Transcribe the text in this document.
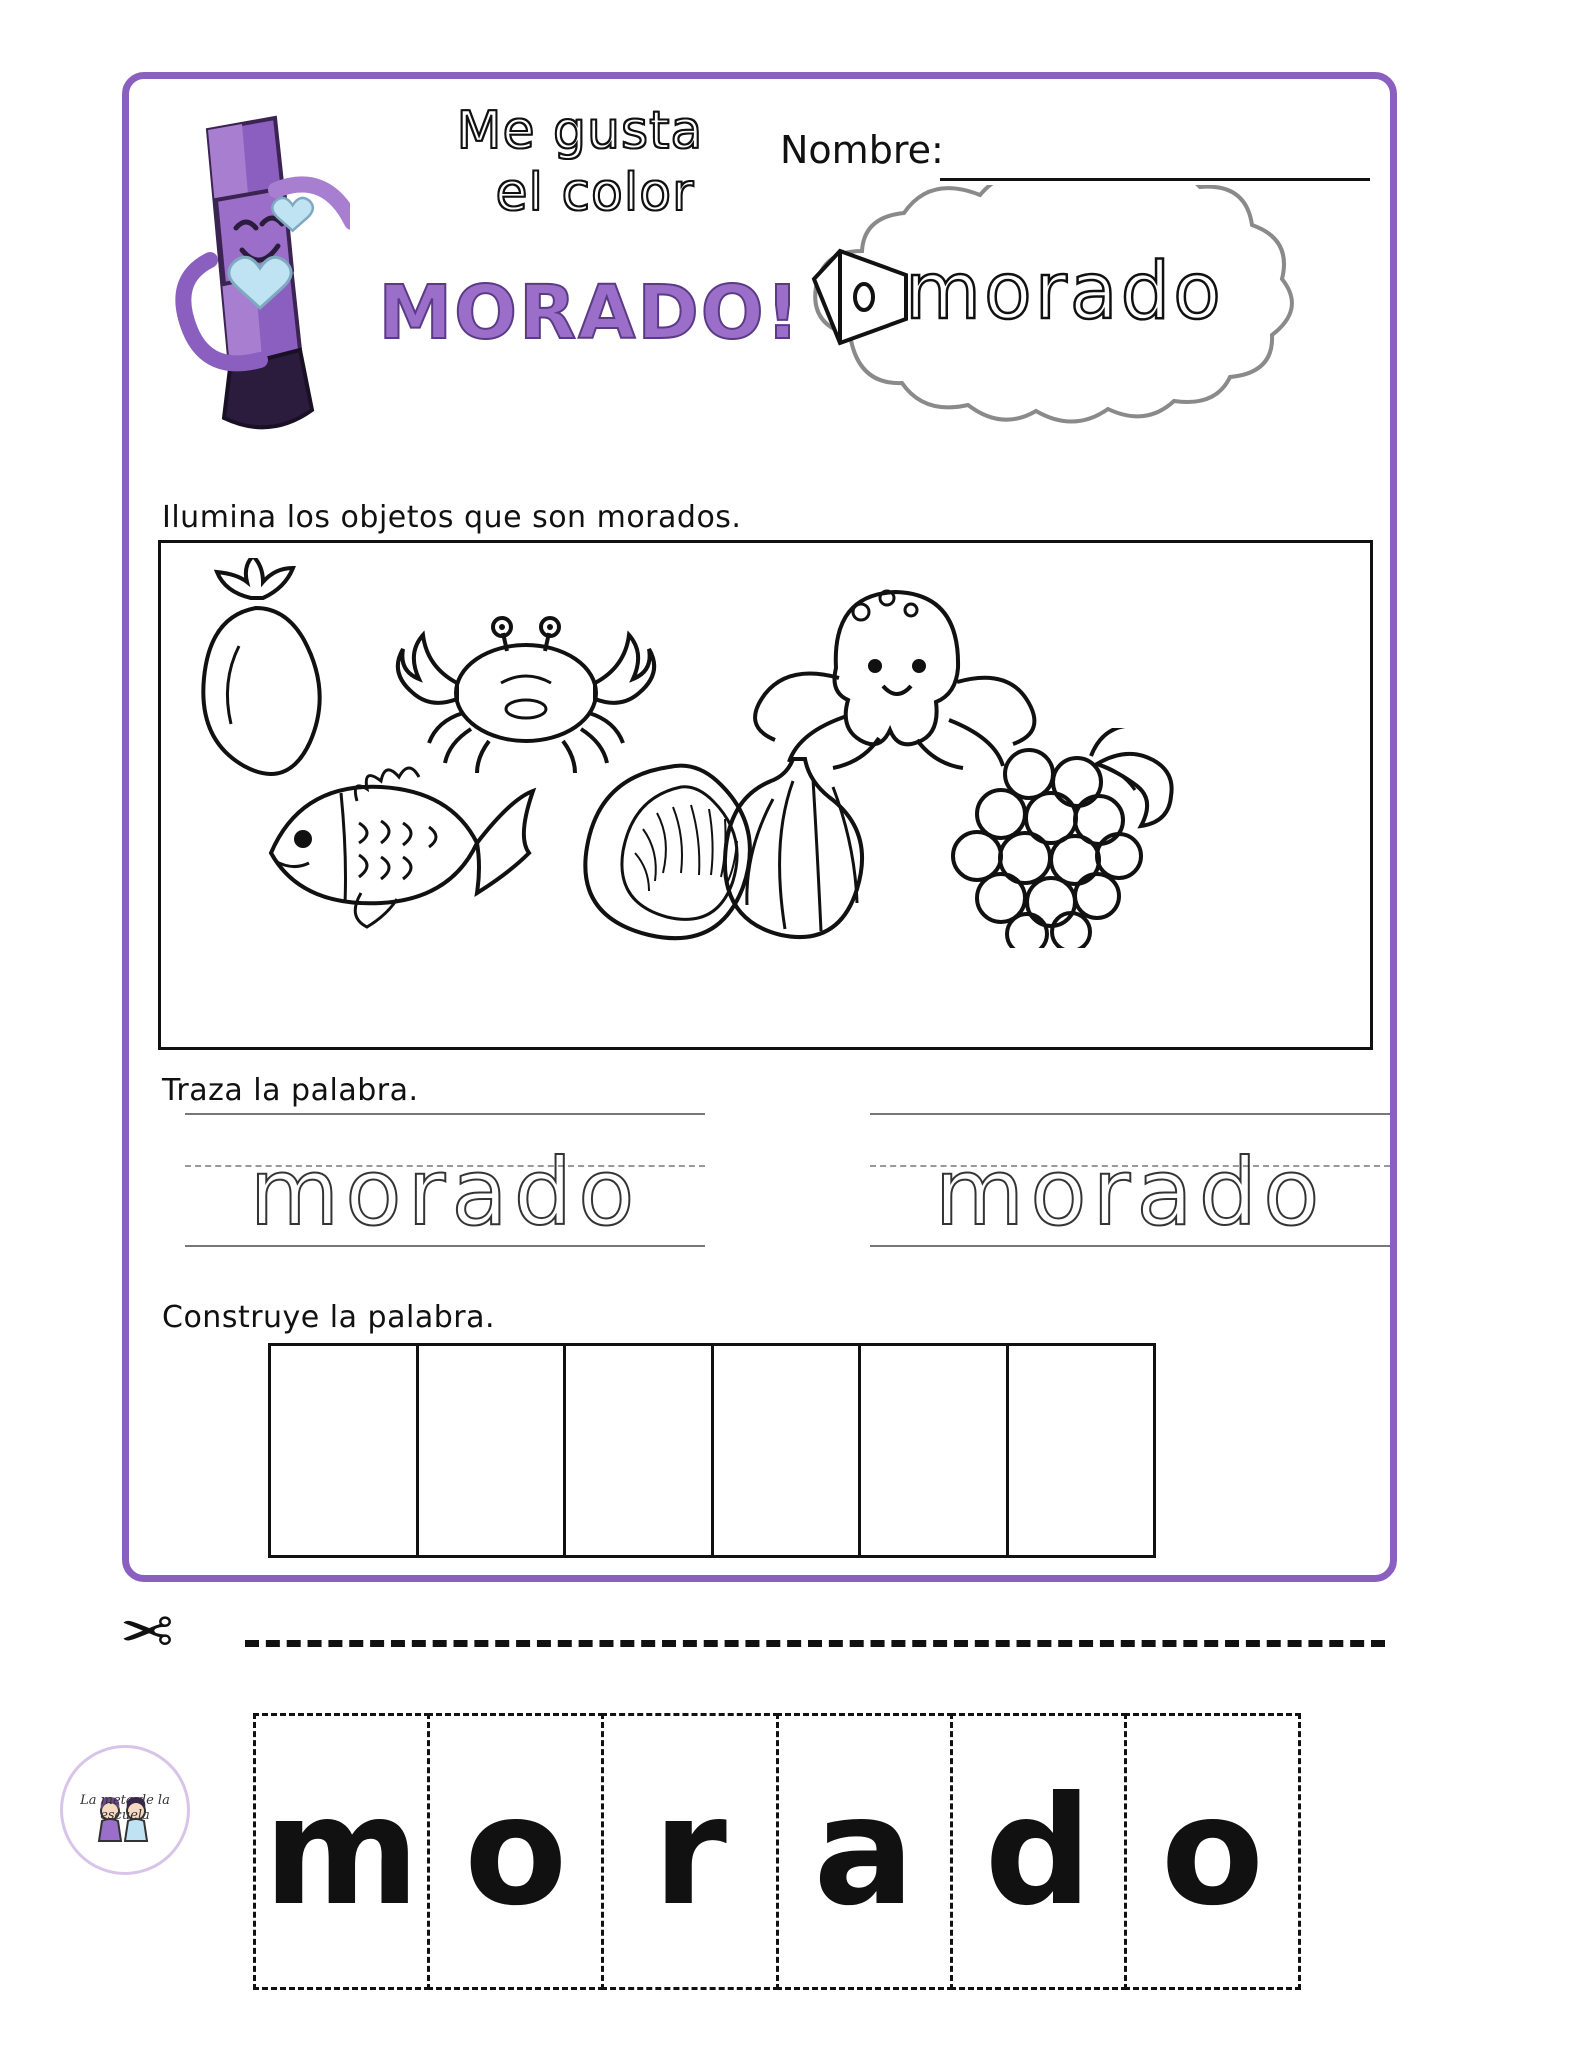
Me gusta
el color
MORADO!
Nombre:
morado
Ilumina los objetos que son morados.
Traza la palabra.
morado	morado
Construye la palabra.
✂
m o r a d o
La meta de la escuela
